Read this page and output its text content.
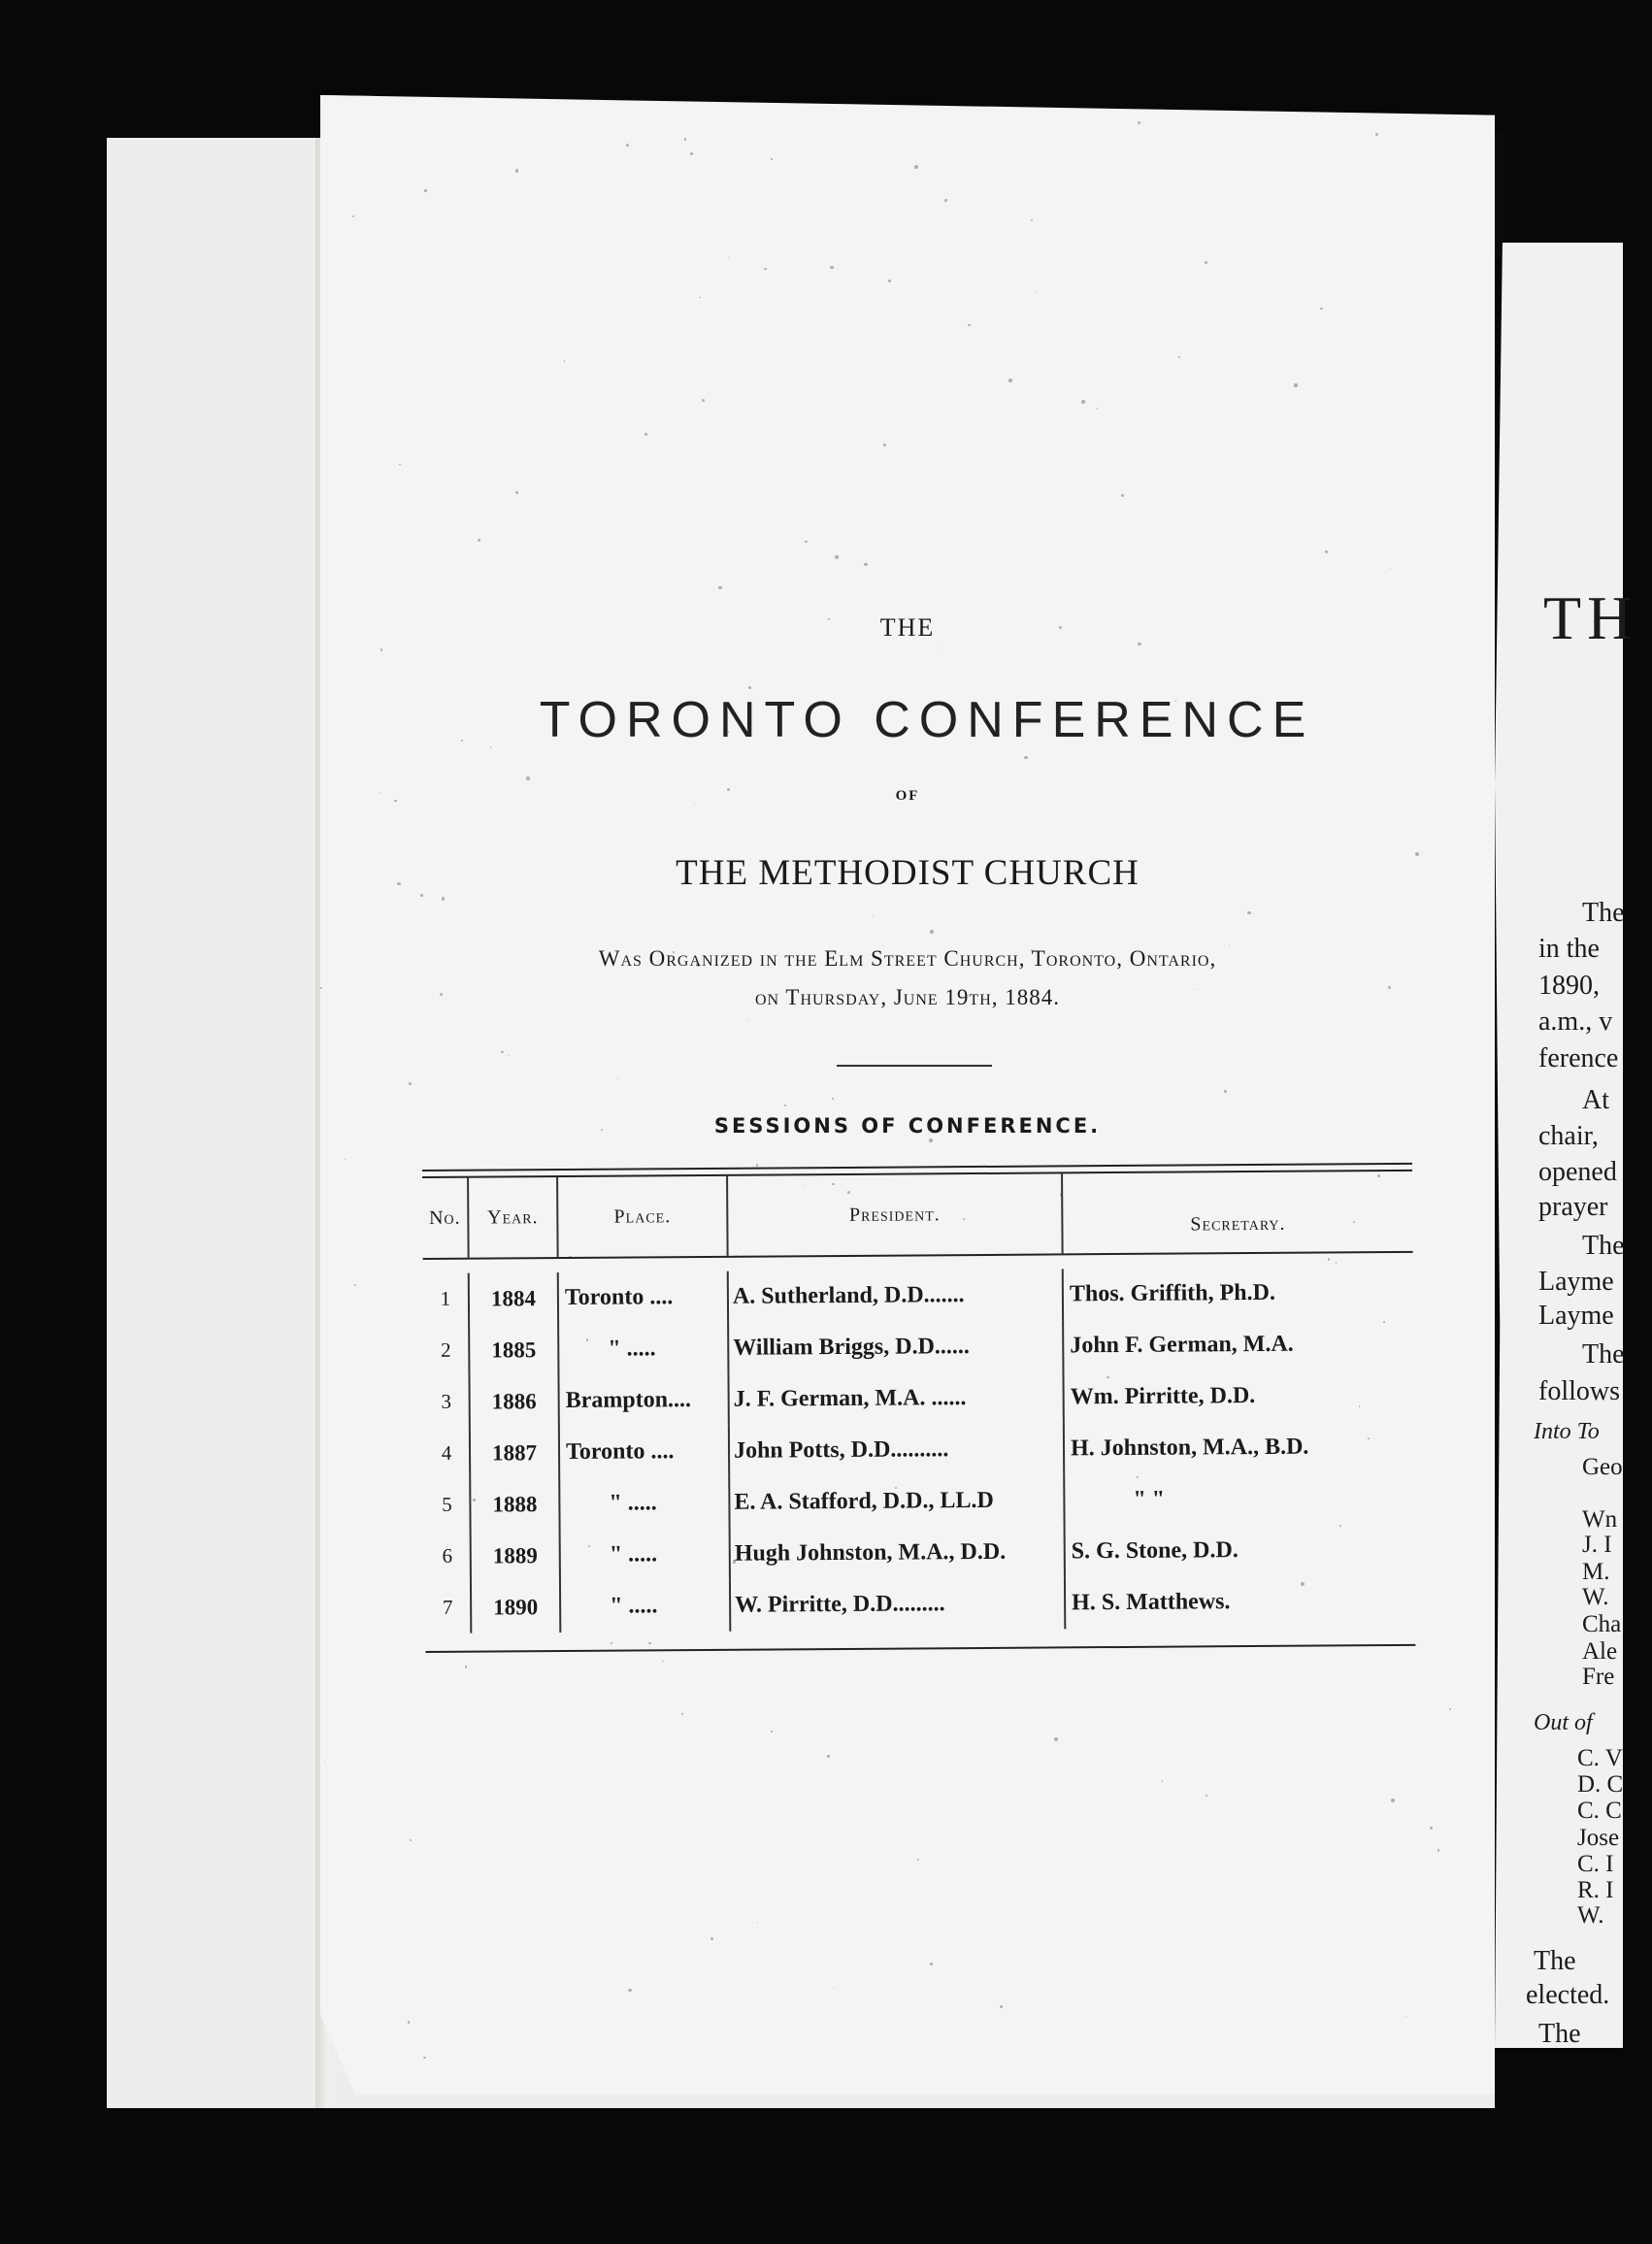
THE
TORONTO CONFERENCE
OF
THE METHODIST CHURCH
Was Organized in the Elm Street Church, Toronto, Ontario,
on Thursday, June 19th, 1884.
SESSIONS OF CONFERENCE.
No.	Year.	Place.	President.	Secretary.
1	1884	Toronto ....	A. Sutherland, D.D.......	Thos. Griffith, Ph.D.
2	1885	" .....	William Briggs, D.D......	John F. German, M.A.
3	1886	Brampton....	J. F. German, M.A. ......	Wm. Pirritte, D.D.
4	1887	Toronto ....	John Potts, D.D..........	H. Johnston, M.A., B.D.
5	1888	" .....	E. A. Stafford, D.D., LL.D	" "
6	1889	" .....	Hugh Johnston, M.A., D.D.	S. G. Stone, D.D.
7	1890	" .....	W. Pirritte, D.D.........	H. S. Matthews.
TH
The
in the
1890,
a.m., v
ference
At
chair,
opened
prayer
The
Layme
Layme
The
follows
Into To
Geo
Wn
J. I
M.
W.
Cha
Ale
Fre
Out of
C. V
D. C
C. C
Jose
C. I
R. I
W.
The
elected.
The
